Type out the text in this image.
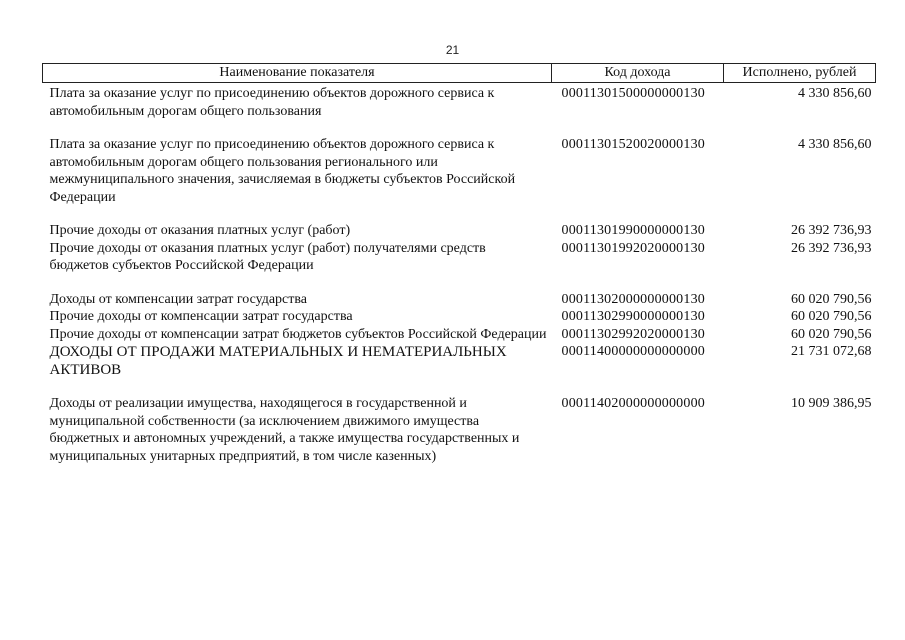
21
Наименование показателя	Код дохода	Исполнено, рублей
Плата за оказание услуг по присоединению объектов дорожного сервиса к автомобильным дорогам общего пользования	00011301500000000130	4 330 856,60
Плата за оказание услуг по присоединению объектов дорожного сервиса к автомобильным дорогам общего пользования регионального или межмуниципального значения, зачисляемая в бюджеты субъектов Российской Федерации	00011301520020000130	4 330 856,60
Прочие доходы от оказания платных услуг (работ)	00011301990000000130	26 392 736,93
Прочие доходы от оказания платных услуг (работ) получателями средств бюджетов субъектов Российской Федерации	00011301992020000130	26 392 736,93
Доходы от компенсации затрат государства	00011302000000000130	60 020 790,56
Прочие доходы от компенсации затрат государства	00011302990000000130	60 020 790,56
Прочие доходы от компенсации затрат бюджетов субъектов Российской Федерации	00011302992020000130	60 020 790,56
ДОХОДЫ ОТ ПРОДАЖИ МАТЕРИАЛЬНЫХ И НЕМАТЕРИАЛЬНЫХ АКТИВОВ	00011400000000000000	21 731 072,68
Доходы от реализации имущества, находящегося в государственной и муниципальной собственности (за исключением движимого имущества бюджетных и автономных учреждений, а также имущества государственных и муниципальных унитарных предприятий, в том числе казенных)	00011402000000000000	10 909 386,95
